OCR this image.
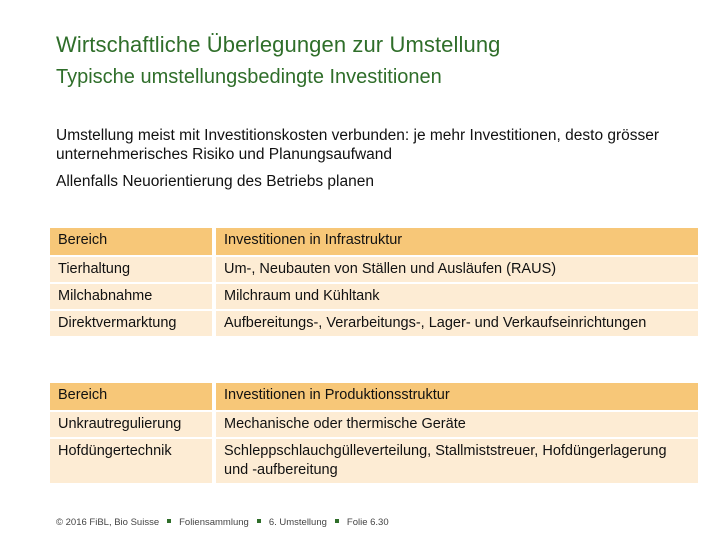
Wirtschaftliche Überlegungen zur Umstellung
Typische umstellungsbedingte Investitionen
Umstellung meist mit Investitionskosten verbunden: je mehr Investitionen, desto grösser unternehmerisches Risiko und Planungsaufwand
Allenfalls Neuorientierung des Betriebs planen
Bereich	Investitionen in Infrastruktur

Tierhaltung	Um-, Neubauten von Ställen und Ausläufen (RAUS)

Milchabnahme	Milchraum und Kühltank

Direktvermarktung	Aufbereitungs-, Verarbeitungs-, Lager- und Verkaufseinrichtungen
Bereich	Investitionen in Produktionsstruktur

Unkrautregulierung	Mechanische oder thermische Geräte

Hofdüngertechnik	Schleppschlauchgülleverteilung, Stallmiststreuer, Hofdüngerlagerung und -aufbereitung
© 2016 FiBL, Bio Suisse Foliensammlung 6. Umstellung Folie 6.30
